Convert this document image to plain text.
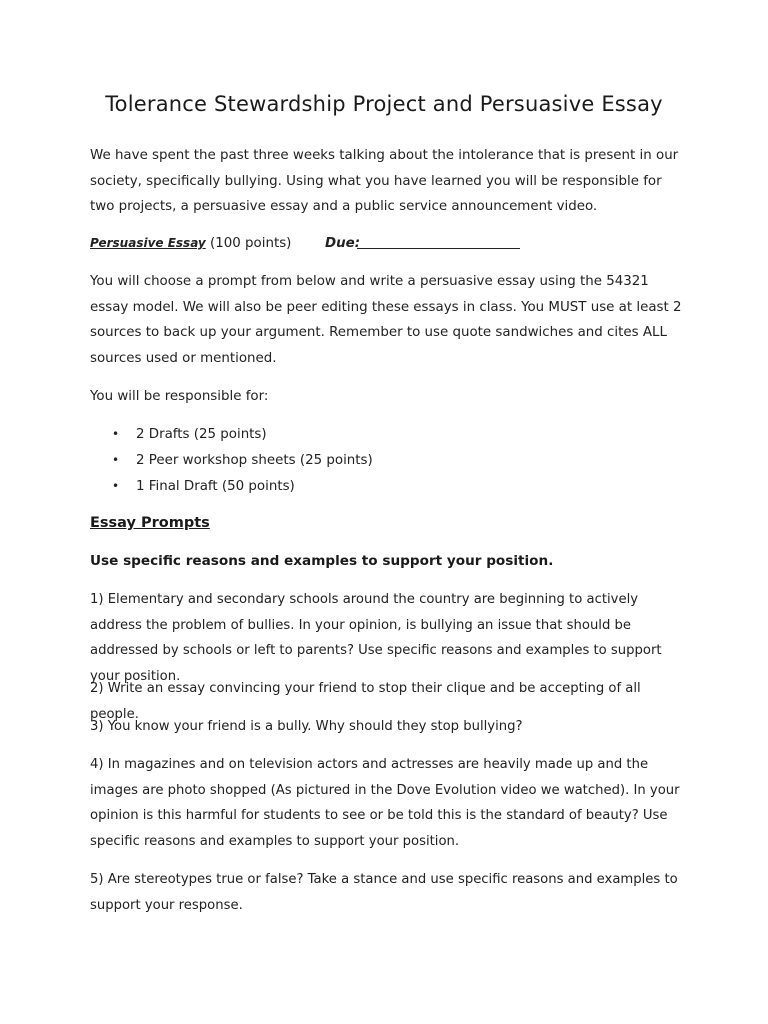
Tolerance Stewardship Project and Persuasive Essay
We have spent the past three weeks talking about the intolerance that is present in our society, specifically bullying. Using what you have learned you will be responsible for two projects, a persuasive essay and a public service announcement video.
Persuasive Essay (100 points)	Due:
You will choose a prompt from below and write a persuasive essay using the 54321 essay model. We will also be peer editing these essays in class. You MUST use at least 2 sources to back up your argument. Remember to use quote sandwiches and cites ALL sources used or mentioned.
You will be responsible for:
• 2 Drafts (25 points)
• 2 Peer workshop sheets (25 points)
• 1 Final Draft (50 points)
Essay Prompts
Use specific reasons and examples to support your position.
1) Elementary and secondary schools around the country are beginning to actively address the problem of bullies. In your opinion, is bullying an issue that should be addressed by schools or left to parents? Use specific reasons and examples to support your position.
2) Write an essay convincing your friend to stop their clique and be accepting of all people.
3) You know your friend is a bully. Why should they stop bullying?
4) In magazines and on television actors and actresses are heavily made up and the images are photo shopped (As pictured in the Dove Evolution video we watched). In your opinion is this harmful for students to see or be told this is the standard of beauty? Use specific reasons and examples to support your position.
5) Are stereotypes true or false? Take a stance and use specific reasons and examples to support your response.
